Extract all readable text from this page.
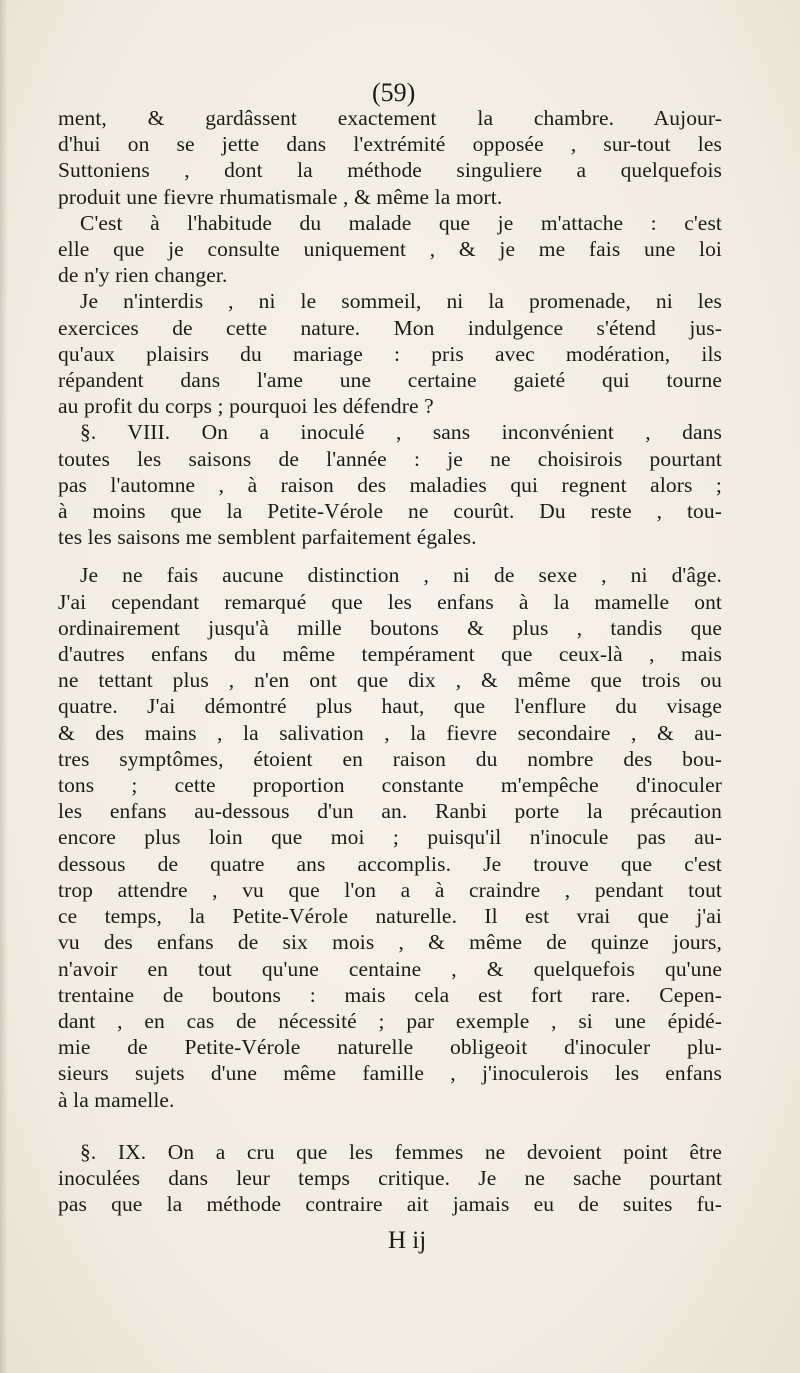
(59)
ment, & gardâssent exactement la chambre. Aujour-
d'hui on se jette dans l'extrémité opposée , sur-tout les
Suttoniens , dont la méthode singuliere a quelquefois
produit une fievre rhumatismale , & même la mort.
C'est à l'habitude du malade que je m'attache : c'est
elle que je consulte uniquement , & je me fais une loi
de n'y rien changer.
Je n'interdis , ni le sommeil, ni la promenade, ni les
exercices de cette nature. Mon indulgence s'étend jus-
qu'aux plaisirs du mariage : pris avec modération, ils
répandent dans l'ame une certaine gaieté qui tourne
au profit du corps ; pourquoi les défendre ?
§. VIII. On a inoculé , sans inconvénient , dans
toutes les saisons de l'année : je ne choisirois pourtant
pas l'automne , à raison des maladies qui regnent alors ;
à moins que la Petite-Vérole ne courût. Du reste , tou-
tes les saisons me semblent parfaitement égales.
Je ne fais aucune distinction , ni de sexe , ni d'âge.
J'ai cependant remarqué que les enfans à la mamelle ont
ordinairement jusqu'à mille boutons & plus , tandis que
d'autres enfans du même tempérament que ceux-là , mais
ne tettant plus , n'en ont que dix , & même que trois ou
quatre. J'ai démontré plus haut, que l'enflure du visage
& des mains , la salivation , la fievre secondaire , & au-
tres symptômes, étoient en raison du nombre des bou-
tons ; cette proportion constante m'empêche d'inoculer
les enfans au-dessous d'un an. Ranbi porte la précaution
encore plus loin que moi ; puisqu'il n'inocule pas au-
dessous de quatre ans accomplis. Je trouve que c'est
trop attendre , vu que l'on a à craindre , pendant tout
ce temps, la Petite-Vérole naturelle. Il est vrai que j'ai
vu des enfans de six mois , & même de quinze jours,
n'avoir en tout qu'une centaine , & quelquefois qu'une
trentaine de boutons : mais cela est fort rare. Cepen-
dant , en cas de nécessité ; par exemple , si une épidé-
mie de Petite-Vérole naturelle obligeoit d'inoculer plu-
sieurs sujets d'une même famille , j'inoculerois les enfans
à la mamelle.
§. IX. On a cru que les femmes ne devoient point être
inoculées dans leur temps critique. Je ne sache pourtant
pas que la méthode contraire ait jamais eu de suites fu-
H ij
